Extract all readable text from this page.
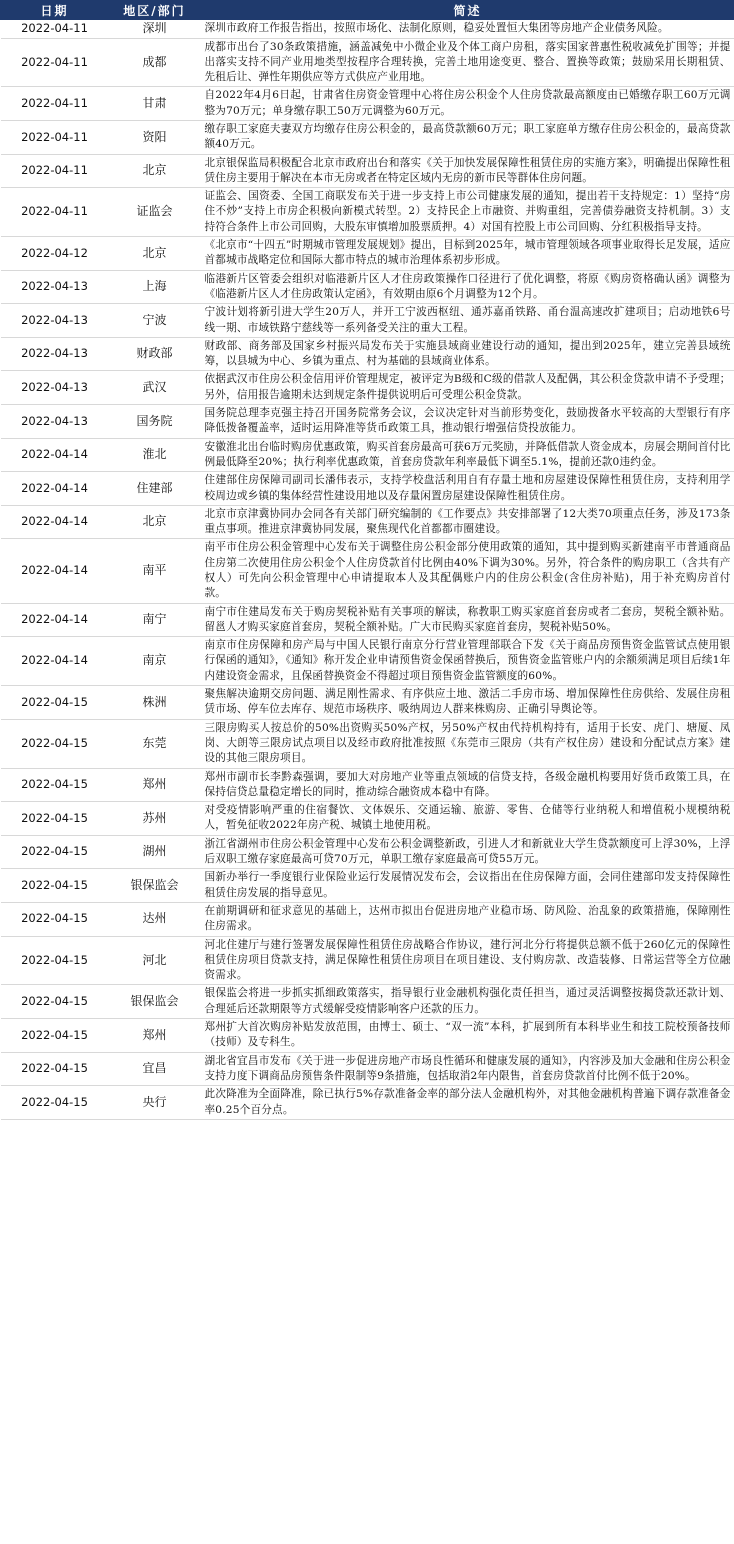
日期	地区/部门	简述
2022-04-11	深圳	深圳市政府工作报告指出，按照市场化、法制化原则，稳妥处置恒大集团等房地产企业债务风险。
2022-04-11	成都	成都市出台了30条政策措施，涵盖减免中小微企业及个体工商户房租，落实国家普惠性税收减免扩围等；并提出落实支持不同产业用地类型按程序合理转换，完善土地用途变更、整合、置换等政策；鼓励采用长期租赁、先租后让、弹性年期供应等方式供应产业用地。
2022-04-11	甘肃	自2022年4月6日起，甘肃省住房资金管理中心将住房公积金个人住房贷款最高额度由已婚缴存职工60万元调整为70万元；单身缴存职工50万元调整为60万元。
2022-04-11	资阳	缴存职工家庭夫妻双方均缴存住房公积金的，最高贷款额60万元；职工家庭单方缴存住房公积金的，最高贷款额40万元。
2022-04-11	北京	北京银保监局积极配合北京市政府出台和落实《关于加快发展保障性租赁住房的实施方案》，明确提出保障性租赁住房主要用于解决在本市无房或者在特定区域内无房的新市民等群体住房问题。
2022-04-11	证监会	证监会、国资委、全国工商联发布关于进一步支持上市公司健康发展的通知，提出若干支持规定：1）坚持“房住不炒”支持上市房企积极向新模式转型。2）支持民企上市融资、并购重组，完善债券融资支持机制。3）支持符合条件上市公司回购，大股东审慎增加股票质押。4）对国有控股上市公司回购、分红积极指导支持。
2022-04-12	北京	《北京市“十四五”时期城市管理发展规划》提出，目标到2025年，城市管理领域各项事业取得长足发展，适应首都城市战略定位和国际大都市特点的城市治理体系初步形成。
2022-04-13	上海	临港新片区管委会组织对临港新片区人才住房政策操作口径进行了优化调整，将原《购房资格确认函》调整为《临港新片区人才住房政策认定函》，有效期由原6个月调整为12个月。
2022-04-13	宁波	宁波计划将新引进大学生20万人，并开工宁波西枢纽、通苏嘉甬铁路、甬台温高速改扩建项目；启动地铁6号线一期、市域铁路宁慈线等一系列备受关注的重大工程。
2022-04-13	财政部	财政部、商务部及国家乡村振兴局发布关于实施县域商业建设行动的通知，提出到2025年，建立完善县域统筹，以县城为中心、乡镇为重点、村为基础的县域商业体系。
2022-04-13	武汉	依据武汉市住房公积金信用评价管理规定，被评定为B级和C级的借款人及配偶，其公积金贷款申请不予受理；另外，信用报告逾期未达到规定条件提供说明后可受理公积金贷款。
2022-04-13	国务院	国务院总理李克强主持召开国务院常务会议，会议决定针对当前形势变化，鼓励拨备水平较高的大型银行有序降低拨备覆盖率，适时运用降准等货币政策工具，推动银行增强信贷投放能力。
2022-04-14	淮北	安徽淮北出台临时购房优惠政策，购买首套房最高可获6万元奖励，并降低借款人资金成本，房展会期间首付比例最低降至20%；执行利率优惠政策，首套房贷款年利率最低下调至5.1%，提前还款0违约金。
2022-04-14	住建部	住建部住房保障司副司长潘伟表示，支持学校盘活利用自有存量土地和房屋建设保障性租赁住房，支持利用学校周边或乡镇的集体经营性建设用地以及存量闲置房屋建设保障性租赁住房。
2022-04-14	北京	北京市京津冀协同办会同各有关部门研究编制的《工作要点》共安排部署了12大类70项重点任务，涉及173条重点事项。推进京津冀协同发展，聚焦现代化首都都市圈建设。
2022-04-14	南平	南平市住房公积金管理中心发布关于调整住房公积金部分使用政策的通知，其中提到购买新建南平市普通商品住房第二次使用住房公积金个人住房贷款首付比例由40%下调为30%。另外，符合条件的购房职工（含共有产权人）可先向公积金管理中心申请提取本人及其配偶账户内的住房公积金(含住房补贴)，用于补充购房首付款。
2022-04-14	南宁	南宁市住建局发布关于购房契税补贴有关事项的解读，称教职工购买家庭首套房或者二套房，契税全额补贴。留邕人才购买家庭首套房，契税全额补贴。广大市民购买家庭首套房，契税补贴50%。
2022-04-14	南京	南京市住房保障和房产局与中国人民银行南京分行营业管理部联合下发《关于商品房预售资金监管试点使用银行保函的通知》，《通知》称开发企业申请预售资金保函替换后，预售资金监管账户内的余额须满足项目后续1年内建设资金需求，且保函替换资金不得超过项目预售资金监管额度的60%。
2022-04-15	株洲	聚焦解决逾期交房问题、满足刚性需求、有序供应土地、激活二手房市场、增加保障性住房供给、发展住房租赁市场、停车位去库存、规范市场秩序、吸纳周边人群来株购房、正确引导舆论等。
2022-04-15	东莞	三限房购买人按总价的50%出资购买50%产权，另50%产权由代持机构持有，适用于长安、虎门、塘厦、凤岗、大朗等三限房试点项目以及经市政府批准按照《东莞市三限房（共有产权住房）建设和分配试点方案》建设的其他三限房项目。
2022-04-15	郑州	郑州市副市长李黔森强调，要加大对房地产业等重点领域的信贷支持，各级金融机构要用好货币政策工具，在保持信贷总量稳定增长的同时，推动综合融资成本稳中有降。
2022-04-15	苏州	对受疫情影响严重的住宿餐饮、文体娱乐、交通运输、旅游、零售、仓储等行业纳税人和增值税小规模纳税人，暂免征收2022年房产税、城镇土地使用税。
2022-04-15	湖州	浙江省湖州市住房公积金管理中心发布公积金调整新政，引进人才和新就业大学生贷款额度可上浮30%，上浮后双职工缴存家庭最高可贷70万元，单职工缴存家庭最高可贷55万元。
2022-04-15	银保监会	国新办举行一季度银行业保险业运行发展情况发布会，会议指出在住房保障方面，会同住建部印发支持保障性租赁住房发展的指导意见。
2022-04-15	达州	在前期调研和征求意见的基础上，达州市拟出台促进房地产业稳市场、防风险、治乱象的政策措施，保障刚性住房需求。
2022-04-15	河北	河北住建厅与建行签署发展保障性租赁住房战略合作协议，建行河北分行将提供总额不低于260亿元的保障性租赁住房项目贷款支持，满足保障性租赁住房项目在项目建设、支付购房款、改造装修、日常运营等全方位融资需求。
2022-04-15	银保监会	银保监会将进一步抓实抓细政策落实，指导银行业金融机构强化责任担当，通过灵活调整按揭贷款还款计划、合理延后还款期限等方式缓解受疫情影响客户还款的压力。
2022-04-15	郑州	郑州扩大首次购房补贴发放范围，由博士、硕士、“双一流”本科，扩展到所有本科毕业生和技工院校预备技师（技师）及专科生。
2022-04-15	宜昌	湖北省宜昌市发布《关于进一步促进房地产市场良性循环和健康发展的通知》，内容涉及加大金融和住房公积金支持力度下调商品房预售条件限制等9条措施，包括取消2年内限售，首套房贷款首付比例不低于20%。
2022-04-15	央行	此次降准为全面降准，除已执行5%存款准备金率的部分法人金融机构外，对其他金融机构普遍下调存款准备金率0.25个百分点。
